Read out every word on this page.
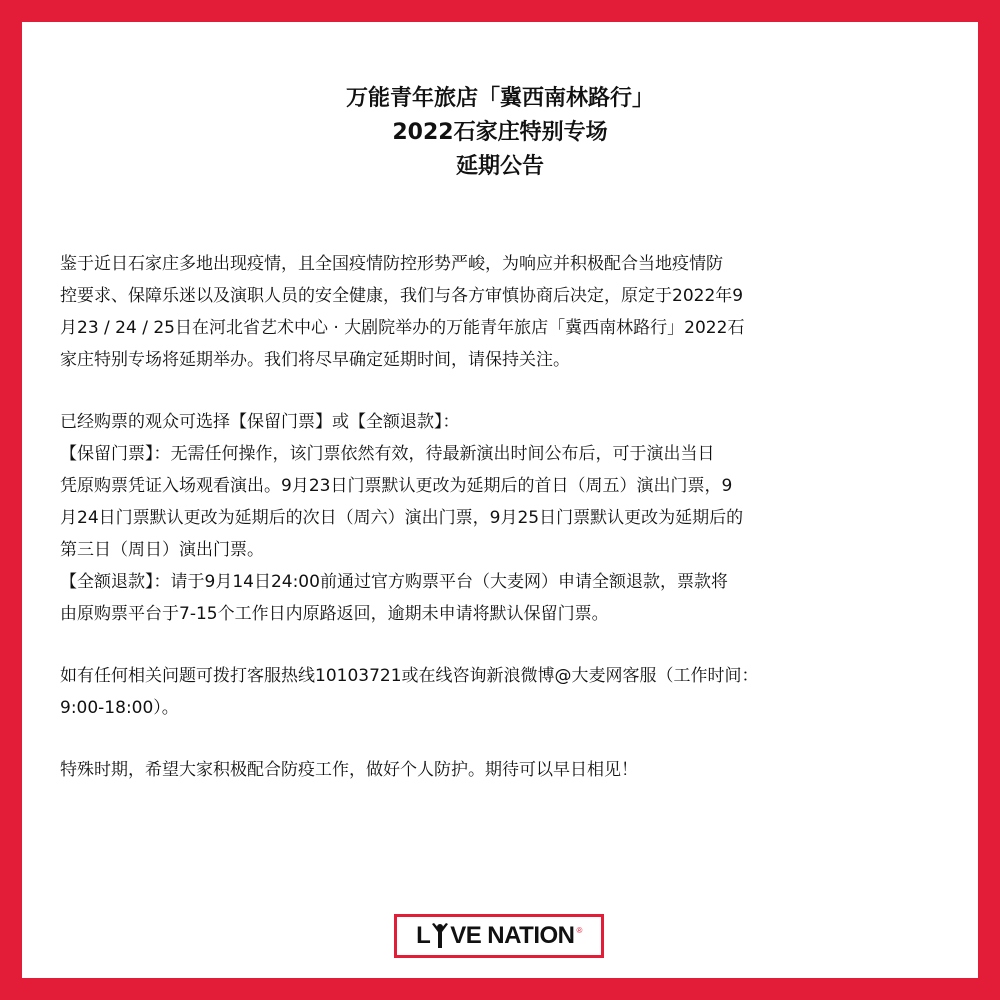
万能青年旅店「冀西南林路行」
2022石家庄特别专场
延期公告

鉴于近日石家庄多地出现疫情，且全国疫情防控形势严峻，为响应并积极配合当地疫情防

控要求、保障乐迷以及演职人员的安全健康，我们与各方审慎协商后决定，原定于2022年9

月23 / 24 / 25日在河北省艺术中心 · 大剧院举办的万能青年旅店「冀西南林路行」2022石

家庄特别专场将延期举办。我们将尽早确定延期时间，请保持关注。

已经购票的观众可选择【保留门票】或【全额退款】：

【保留门票】：无需任何操作，该门票依然有效，待最新演出时间公布后，可于演出当日

凭原购票凭证入场观看演出。9月23日门票默认更改为延期后的首日（周五）演出门票，9

月24日门票默认更改为延期后的次日（周六）演出门票，9月25日门票默认更改为延期后的

第三日（周日）演出门票。

【全额退款】：请于9月14日24:00前通过官方购票平台（大麦网）申请全额退款，票款将

由原购票平台于7-15个工作日内原路返回，逾期未申请将默认保留门票。

如有任何相关问题可拨打客服热线10103721或在线咨询新浪微博@大麦网客服（工作时间：

9:00-18:00）。

特殊时期，希望大家积极配合防疫工作，做好个人防护。期待可以早日相见！

L VE NATION ®
